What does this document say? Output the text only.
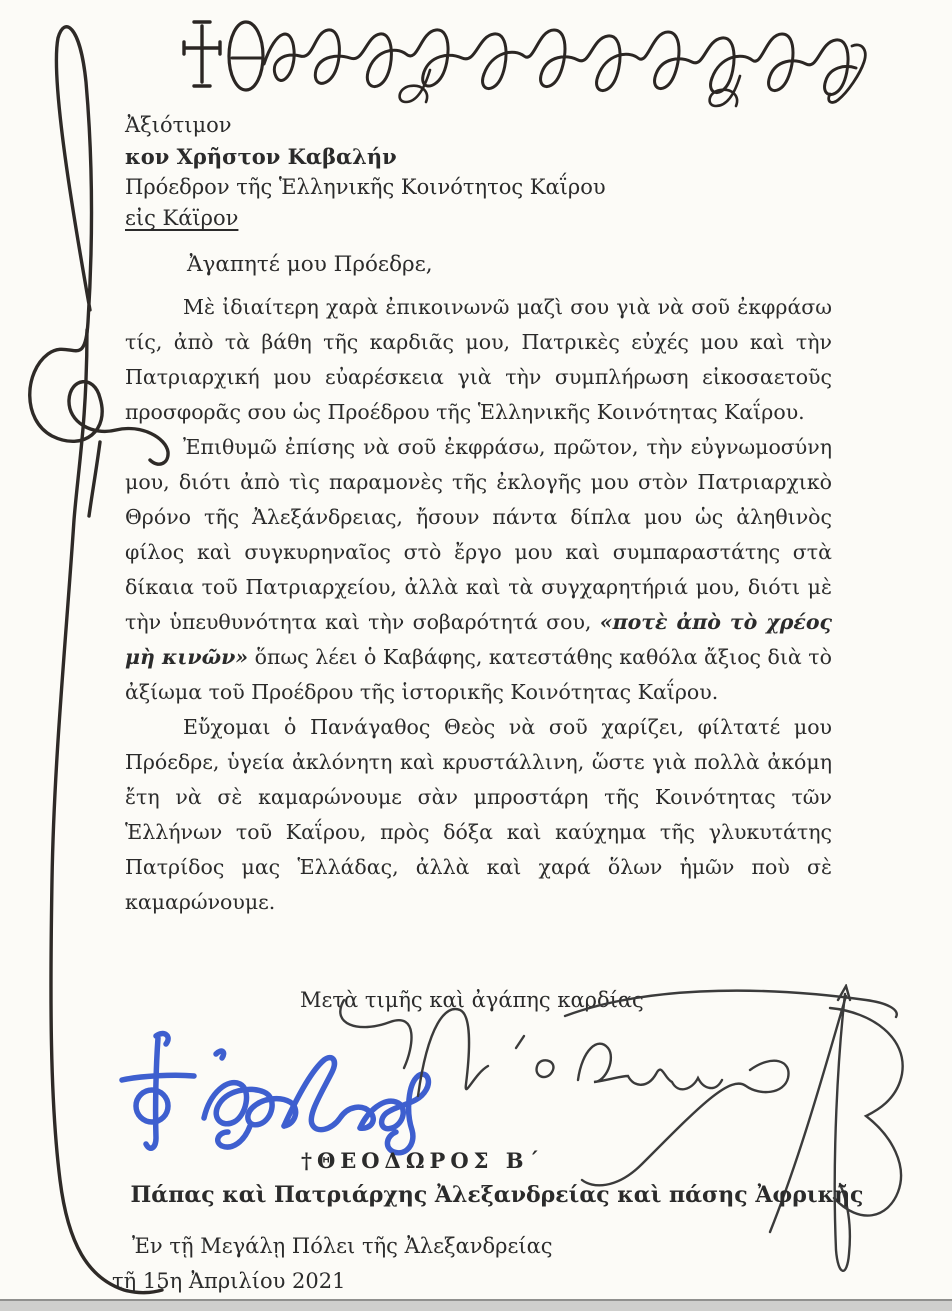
Ἀξιότιμον
κον Χρῆστον Καβαλήν
Πρόεδρον τῆς Ἑλληνικῆς Κοινότητος Καΐρου
εἰς Κάϊρον
Ἀγαπητέ μου Πρόεδρε,

Μὲ ἰδιαίτερη χαρὰ ἐπικοινωνῶ μαζὶ σου γιὰ νὰ σοῦ ἐκφράσω τίς, ἀπὸ τὰ βάθη τῆς καρδιᾶς μου, Πατρικὲς εὐχές μου καὶ τὴν Πατριαρχική μου εὐαρέσκεια γιὰ τὴν συμπλήρωση εἰκοσαετοῦς προσφορᾶς σου ὡς Προέδρου τῆς Ἑλληνικῆς Κοινότητας Καΐρου.

Ἐπιθυμῶ ἐπίσης νὰ σοῦ ἐκφράσω, πρῶτον, τὴν εὐγνωμοσύνη μου, διότι ἀπὸ τὶς παραμονὲς τῆς ἐκλογῆς μου στὸν Πατριαρχικὸ Θρόνο τῆς Ἀλεξάνδρειας, ἤσουν πάντα δίπλα μου ὡς ἀληθινὸς φίλος καὶ συγκυρηναῖος στὸ ἔργο μου καὶ συμπαραστάτης στὰ δίκαια τοῦ Πατριαρχείου, ἀλλὰ καὶ τὰ συγχαρητήριά μου, διότι μὲ τὴν ὑπευθυνότητα καὶ τὴν σοβαρότητά σου, «ποτὲ ἀπὸ τὸ χρέος μὴ κινῶν» ὅπως λέει ὁ Καβάφης, κατεστάθης καθόλα ἄξιος διὰ τὸ ἀξίωμα τοῦ Προέδρου τῆς ἱστορικῆς Κοινότητας Καΐρου.

Εὔχομαι ὁ Πανάγαθος Θεὸς νὰ σοῦ χαρίζει, φίλτατέ μου Πρόεδρε, ὑγεία ἀκλόνητη καὶ κρυστάλλινη, ὥστε γιὰ πολλὰ ἀκόμη ἔτη νὰ σὲ καμαρώνουμε σὰν μπροστάρη τῆς Κοινότητας τῶν Ἑλλήνων τοῦ Καΐρου, πρὸς δόξα καὶ καύχημα τῆς γλυκυτάτης Πατρίδος μας Ἑλλάδας, ἀλλὰ καὶ χαρά ὅλων ἡμῶν ποὺ σὲ καμαρώνουμε.

Μετὰ τιμῆς καὶ ἀγάπης καρδίας
†ΘΕΟΔΩΡΟΣ Β΄
Πάπας καὶ Πατριάρχης Ἀλεξανδρείας καὶ πάσης Ἀφρικῆς
Ἐν τῇ Μεγάλῃ Πόλει τῆς Ἀλεξανδρείας
τῇ 15η Ἀπριλίου 2021
